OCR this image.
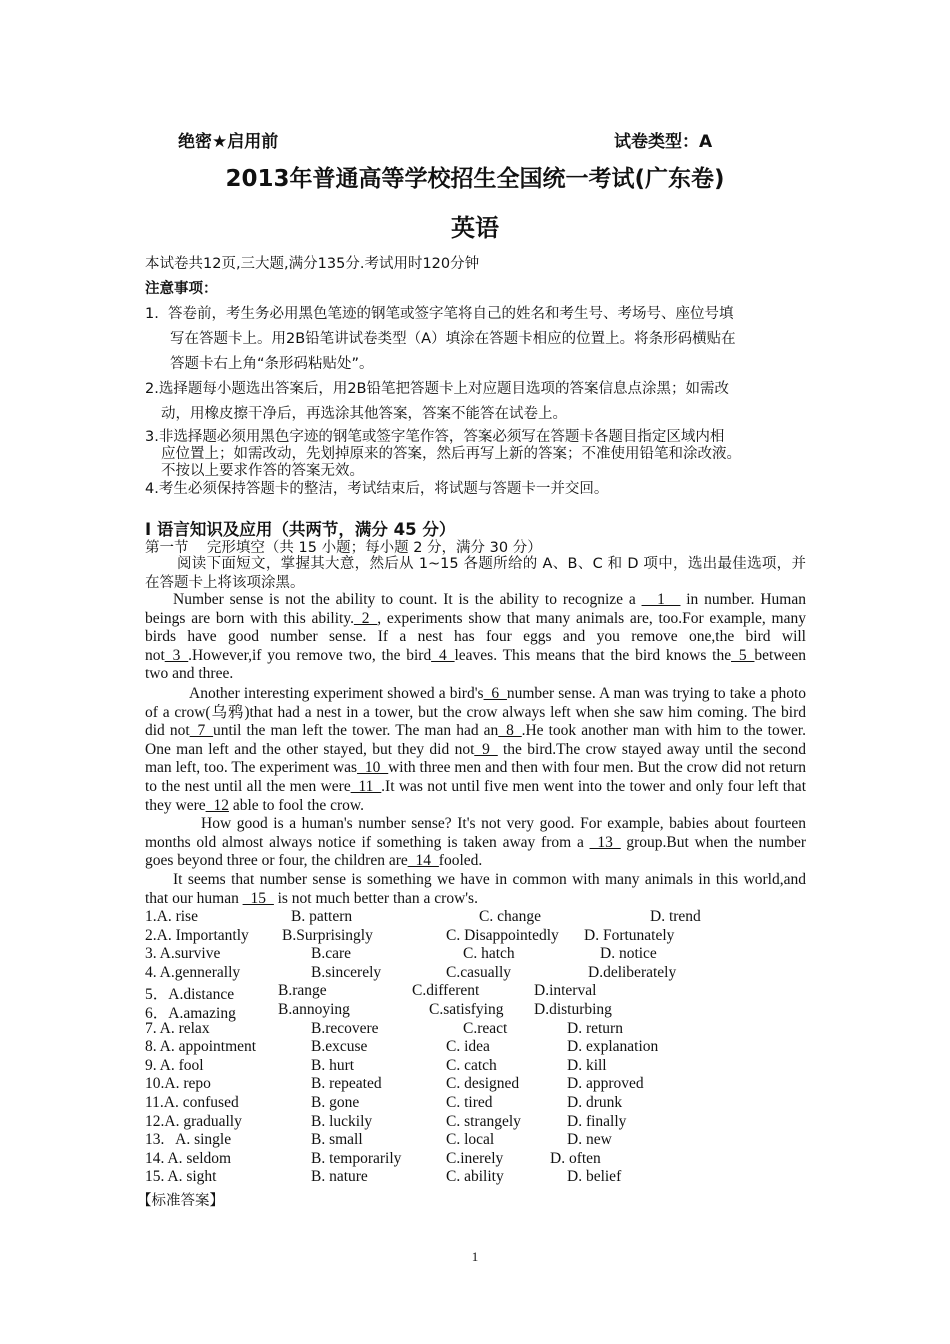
绝密★启用前	试卷类型：A
2013年普通高等学校招生全国统一考试(广东卷)
英语
本试卷共12页,三大题,满分135分.考试用时120分钟
注意事项：
1.  答卷前，考生务必用黑色笔迹的钢笔或签字笔将自己的姓名和考生号、考场号、座位号填
写在答题卡上。用2B铅笔讲试卷类型（A）填涂在答题卡相应的位置上。将条形码横贴在
答题卡右上角“条形码粘贴处”。
2.选择题每小题选出答案后，用2B铅笔把答题卡上对应题目选项的答案信息点涂黑；如需改
动，用橡皮擦干净后，再选涂其他答案，答案不能答在试卷上。
3.非选择题必须用黑色字迹的钢笔或签字笔作答，答案必须写在答题卡各题目指定区域内相
应位置上；如需改动，先划掉原来的答案，然后再写上新的答案；不准使用铅笔和涂改液。
不按以上要求作答的答案无效。
4.考生必须保持答题卡的整洁，考试结束后，将试题与答题卡一并交回。
I 语言知识及应用（共两节，满分 45 分）
第一节    完形填空（共 15 小题；每小题 2 分，满分 30 分）
阅读下面短文，掌握其大意，然后从 1~15 各题所给的 A、B、C 和 D 项中，选出最佳选项，并在答题卡上将该项涂黑。
Number sense is not the ability to count. It is the ability to recognize a __1__ in number. Human beings are born with this ability._2_, experiments show that many animals are, too.For example, many birds have good number sense. If a nest has four eggs and you remove one,the bird will not_3_.However,if you remove two, the bird_4_leaves. This means that the bird knows the_5_between two and three.
Another interesting experiment showed a bird's_6_number sense. A man was trying to take a photo of a crow(乌鸦)that had a nest in a tower, but the crow always left when she saw him coming. The bird did not_7_until the man left the tower. The man had an_8_.He took another man with him to the tower. One man left and the other stayed, but they did not_9_ the bird.The crow stayed away until the second man left, too. The experiment was_10_with three men and then with four men. But the crow did not return to the nest until all the men were_11_.It was not until five men went into the tower and only four left that they were_12 able to fool the crow.
How good is a human's number sense? It's not very good. For example, babies about fourteen months old almost always notice if something is taken away from a _13_ group.But when the number goes beyond three or four, the children are_14_fooled.
It seems that number sense is something we have in common with many animals in this world,and that our human _15_ is not much better than a crow's.
1.A. rise	B. pattern	C. change	D. trend
2.A. Importantly B.Surprisingly	C. Disappointedly D. Fortunately
3. A.survive	B.care	C. hatch	D. notice
4. A.gennerally	B.sincerely	C.casually	D.deliberately
5．A.distance	B.range	C.different	D.interval
6．A.amazing	B.annoying	C.satisfying D.disturbing
7. A. relax	B.recovere	C.react	D. return
8. A. appointment	B.excuse	C. idea	D. explanation
9. A. fool	B. hurt	C. catch	D. kill
10.A. repo	B. repeated	C. designed	D. approved
11.A. confused	B. gone	C. tired	D. drunk
12.A. gradually	B. luckily	C. strangely	D. finally
13.   A. single	B. small	C. local	D. new
14. A. seldom	B. temporarily	C.inerely	D. often
15. A. sight	B. nature	C. ability	D. belief
【标准答案】
1
